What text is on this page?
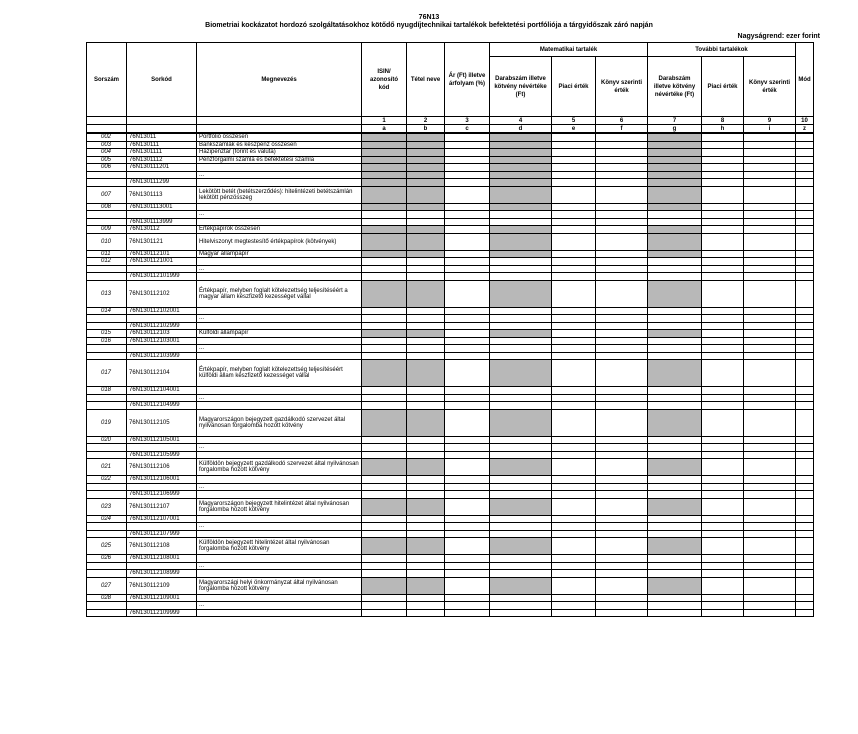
76N13
Biometriai kockázatot hordozó szolgáltatásokhoz kötődő nyugdíjtechnikai tartalékok befektetési portfóliója a tárgyidőszak záró napján
Nagyságrend: ezer forint
Sorszám	Sorkód	Megnevezés	ISIN/ azonosító kód	Tétel neve	Ár (Ft) illetve árfolyam (%)	Matematikai tartalék			További tartalékok			Mód
						Darabszám illetve kötvény névértéke (Ft)	Piaci érték	Könyv szerinti érték	Darabszám illetve kötvény névértéke (Ft)	Piaci érték	Könyv szerinti érték	
			1	2	3	4	5	6	7	8	9	10
			a	b	c	d	e	f	g	h	i	z
002	76N13011	Portfólió összesen										
003	76N130111	Bankszámlák és készpénz összesen										
004	76N1301111	Házipénztár (forint és valuta)										
005	76N1301112	Pénzforgalmi számla és befektetési számla										
006	76N130111201											
		...										
	76N130111299											
007	76N1301113	Lekötött betét (betétszerződés): hitelintézeti betétszámlán lekötött pénzösszeg										
008	76N1301113001											
		...										
	76N1301113999											
009	76N130112	Értékpapírok összesen										
010	76N1301121	Hitelviszonyt megtestesítő értékpapírok (kötvények)										
011	76N130112101	Magyar állampapír										
012	76N1301121001											
		...										
	76N130112101999											
013	76N130112102	Értékpapír, melyben foglalt kötelezettség teljesítéséért a magyar állam készfizető kezességet vállal										
014	76N130112102001											
		...										
	76N130112102999											
015	76N130112103	Külföldi állampapír										
016	76N130112103001											
		...										
	76N130112103999											
017	76N130112104	Értékpapír, melyben foglalt kötelezettség teljesítéséért külföldi állam készfizető kezességet vállal										
018	76N130112104001											
		...										
	76N130112104999											
019	76N130112105	Magyarországon bejegyzett gazdálkodó szervezet által nyilvánosan forgalomba hozott kötvény										
020	76N130112105001											
		...										
	76N130112105999											
021	76N130112106	Külföldön bejegyzett gazdálkodó szervezet által nyilvánosan forgalomba hozott kötvény										
022	76N130112106001											
		...										
	76N130112106999											
023	76N130112107	Magyarországon bejegyzett hitelintézet által nyilvánosan forgalomba hozott kötvény										
024	76N130112107001											
		...										
	76N130112107999											
025	76N130112108	Külföldön bejegyzett hitelintézet által nyilvánosan forgalomba hozott kötvény										
026	76N130112108001											
		...										
	76N130112108999											
027	76N130112109	Magyarországi helyi önkormányzat által nyilvánosan forgalomba hozott kötvény										
028	76N130112109001											
		...										
	76N130112109999											
